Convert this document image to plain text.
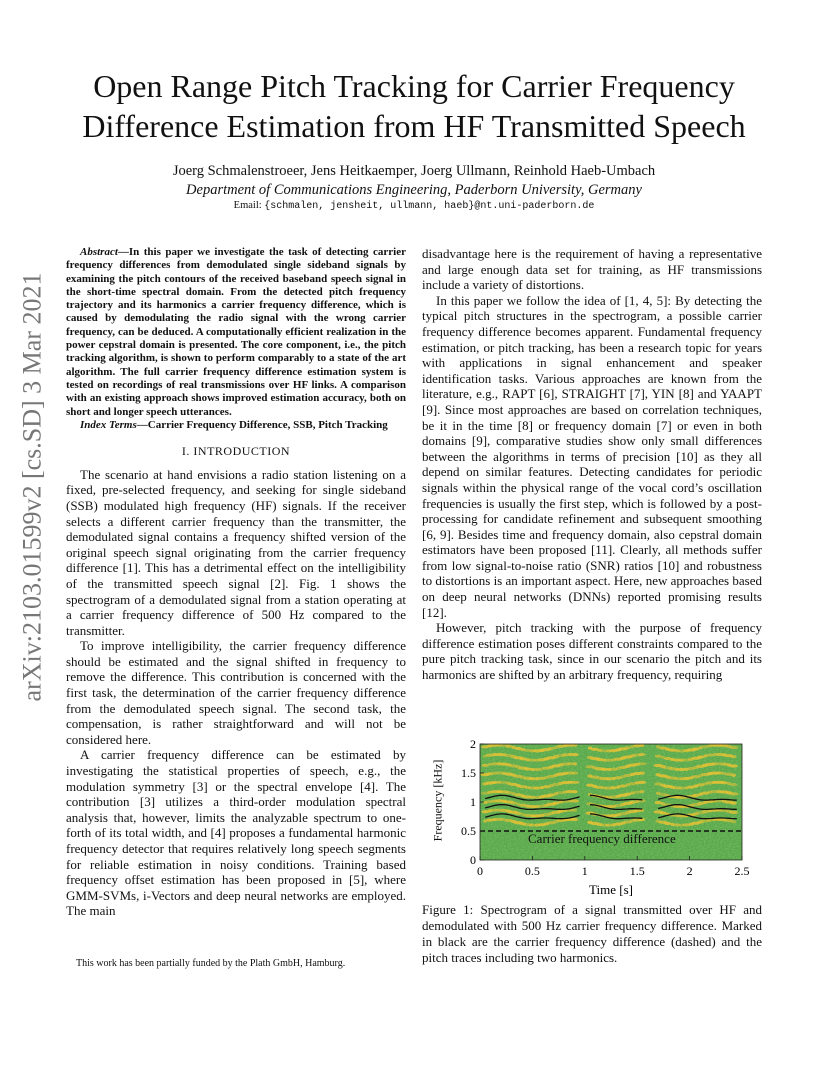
Open Range Pitch Tracking for Carrier Frequency
Difference Estimation from HF Transmitted Speech
Joerg Schmalenstroeer, Jens Heitkaemper, Joerg Ullmann, Reinhold Haeb-Umbach
Department of Communications Engineering, Paderborn University, Germany
Email: {schmalen, jensheit, ullmann, haeb}@nt.uni-paderborn.de
arXiv:2103.01599v2 [cs.SD] 3 Mar 2021
Abstract—In this paper we investigate the task of detecting carrier frequency differences from demodulated single sideband signals by examining the pitch contours of the received baseband speech signal in the short-time spectral domain. From the detected pitch frequency trajectory and its harmonics a carrier frequency difference, which is caused by demodulating the radio signal with the wrong carrier frequency, can be deduced. A computationally efficient realization in the power cepstral domain is presented. The core component, i.e., the pitch tracking algorithm, is shown to perform comparably to a state of the art algorithm. The full carrier frequency difference estimation system is tested on recordings of real transmissions over HF links. A comparison with an existing approach shows improved estimation accuracy, both on short and longer speech utterances.
Index Terms—Carrier Frequency Difference, SSB, Pitch Tracking
I. INTRODUCTION

The scenario at hand envisions a radio station listening on a fixed, pre-selected frequency, and seeking for single sideband (SSB) modulated high frequency (HF) signals. If the receiver selects a different carrier frequency than the transmitter, the demodulated signal contains a frequency shifted version of the original speech signal originating from the carrier frequency difference [1]. This has a detrimental effect on the intelligibility of the transmitted speech signal [2]. Fig. 1 shows the spectrogram of a demodulated signal from a station operating at a carrier frequency difference of 500 Hz compared to the transmitter.

To improve intelligibility, the carrier frequency difference should be estimated and the signal shifted in frequency to remove the difference. This contribution is concerned with the first task, the determination of the carrier frequency difference from the demodulated speech signal. The second task, the compensation, is rather straightforward and will not be considered here.

A carrier frequency difference can be estimated by investigating the statistical properties of speech, e.g., the modulation symmetry [3] or the spectral envelope [4]. The contribution [3] utilizes a third-order modulation spectral analysis that, however, limits the analyzable spectrum to one-forth of its total width, and [4] proposes a fundamental harmonic frequency detector that requires relatively long speech segments for reliable estimation in noisy conditions. Training based frequency offset estimation has been proposed in [5], where GMM-SVMs, i-Vectors and deep neural networks are employed. The main

This work has been partially funded by the Plath GmbH, Hamburg.

disadvantage here is the requirement of having a representative and large enough data set for training, as HF transmissions include a variety of distortions.

In this paper we follow the idea of [1, 4, 5]: By detecting the typical pitch structures in the spectrogram, a possible carrier frequency difference becomes apparent. Fundamental frequency estimation, or pitch tracking, has been a research topic for years with applications in signal enhancement and speaker identification tasks. Various approaches are known from the literature, e.g., RAPT [6], STRAIGHT [7], YIN [8] and YAAPT [9]. Since most approaches are based on correlation techniques, be it in the time [8] or frequency domain [7] or even in both domains [9], comparative studies show only small differences between the algorithms in terms of precision [10] as they all depend on similar features. Detecting candidates for periodic signals within the physical range of the vocal cord’s oscillation frequencies is usually the first step, which is followed by a post-processing for candidate refinement and subsequent smoothing [6, 9]. Besides time and frequency domain, also cepstral domain estimators have been proposed [11]. Clearly, all methods suffer from low signal-to-noise ratio (SNR) ratios [10] and robustness to distortions is an important aspect. Here, new approaches based on deep neural networks (DNNs) reported promising results [12].

However, pitch tracking with the purpose of frequency difference estimation poses different constraints compared to the pure pitch tracking task, since in our scenario the pitch and its harmonics are shifted by an arbitrary frequency, requiring

Frequency [kHz]	Carrier frequency difference
0
0.5
1
1.5
2
0	0.5	1	1.5	2	2.5
Time [s]
Figure 1: Spectrogram of a signal transmitted over HF and demodulated with 500 Hz carrier frequency difference. Marked in black are the carrier frequency difference (dashed) and the pitch traces including two harmonics.
